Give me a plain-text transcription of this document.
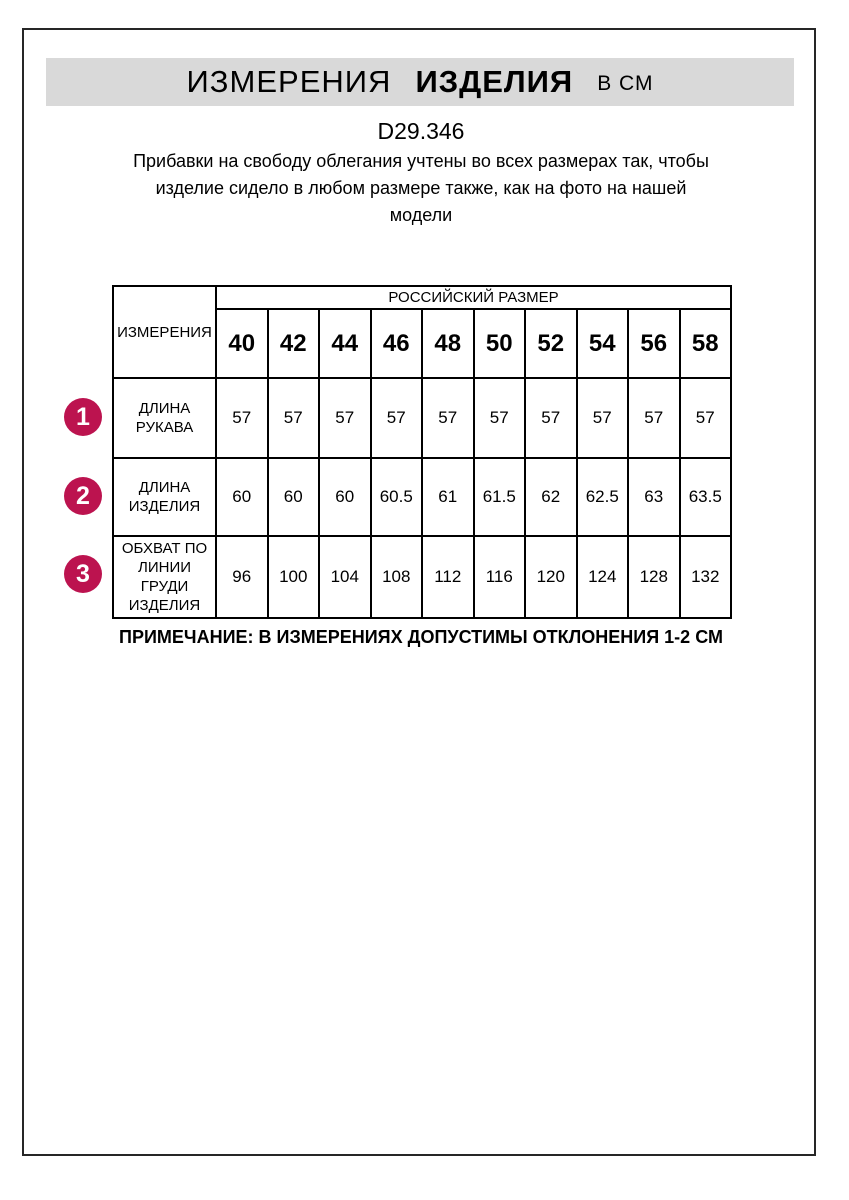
ИЗМЕРЕНИЯ ИЗДЕЛИЯ В СМ
D29.346
Прибавки на свободу облегания учтены во всех размерах так, чтобы
изделие сидело в любом размере также, как на фото на нашей
модели
ИЗМЕРЕНИЯ	РОССИЙСКИЙ РАЗМЕР									
	40	42	44	46	48	50	52	54	56	58
ДЛИНА РУКАВА	57	57	57	57	57	57	57	57	57	57
ДЛИНА ИЗДЕЛИЯ	60	60	60	60.5	61	61.5	62	62.5	63	63.5
ОБХВАТ ПО ЛИНИИ ГРУДИ ИЗДЕЛИЯ	96	100	104	108	112	116	120	124	128	132
1
2
3
ПРИМЕЧАНИЕ: В ИЗМЕРЕНИЯХ ДОПУСТИМЫ ОТКЛОНЕНИЯ 1-2 СМ
